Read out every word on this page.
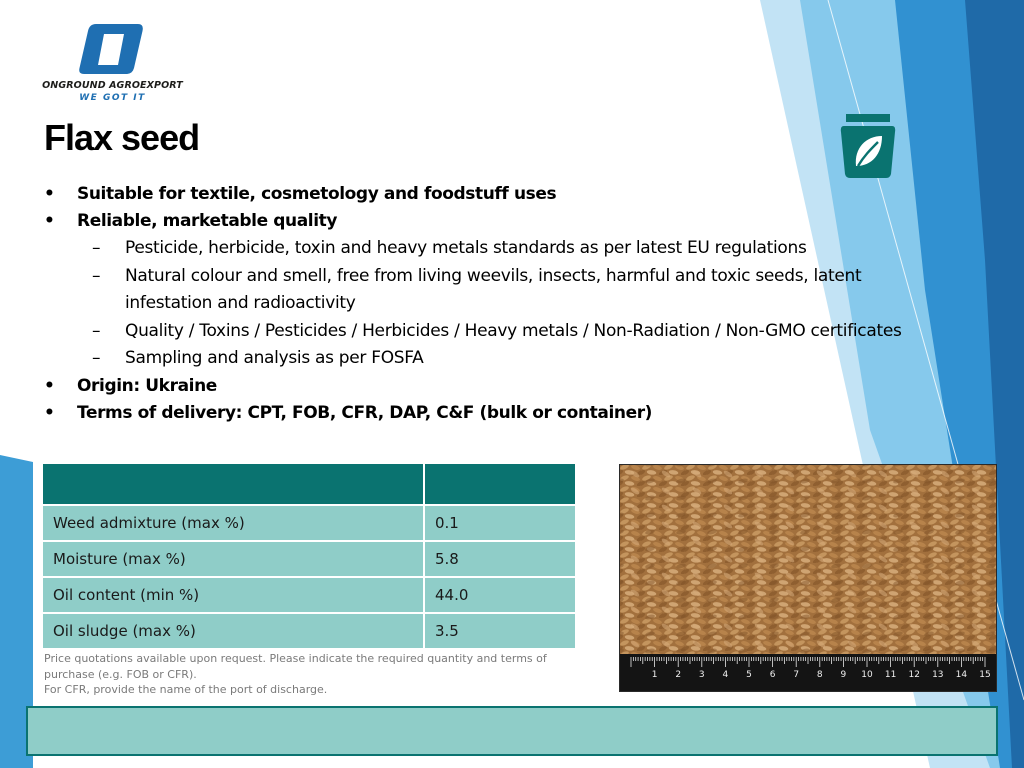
ONGROUND AGROEXPORT
WE GOT IT
Flax seed
• Suitable for textile, cosmetology and foodstuff uses
• Reliable, marketable quality
– Pesticide, herbicide, toxin and heavy metals standards as per latest EU regulations
– Natural colour and smell, free from living weevils, insects, harmful and toxic seeds, latent infestation and radioactivity
– Quality / Toxins / Pesticides / Herbicides / Heavy metals / Non-Radiation / Non-GMO certificates
– Sampling and analysis as per FOSFA
• Origin: Ukraine
• Terms of delivery: CPT, FOB, CFR, DAP, C&F (bulk or container)

Weed admixture (max %)	0.1
Moisture (max %)	5.8
Oil content (min %)	44.0
Oil sludge (max %)	3.5

Price quotations available upon request. Please indicate the required quantity and terms of purchase (e.g. FOB or CFR).

For CFR, provide the name of the port of discharge.

1 2 3 4 5 6 7 8 9 10 11 12 13 14 15
